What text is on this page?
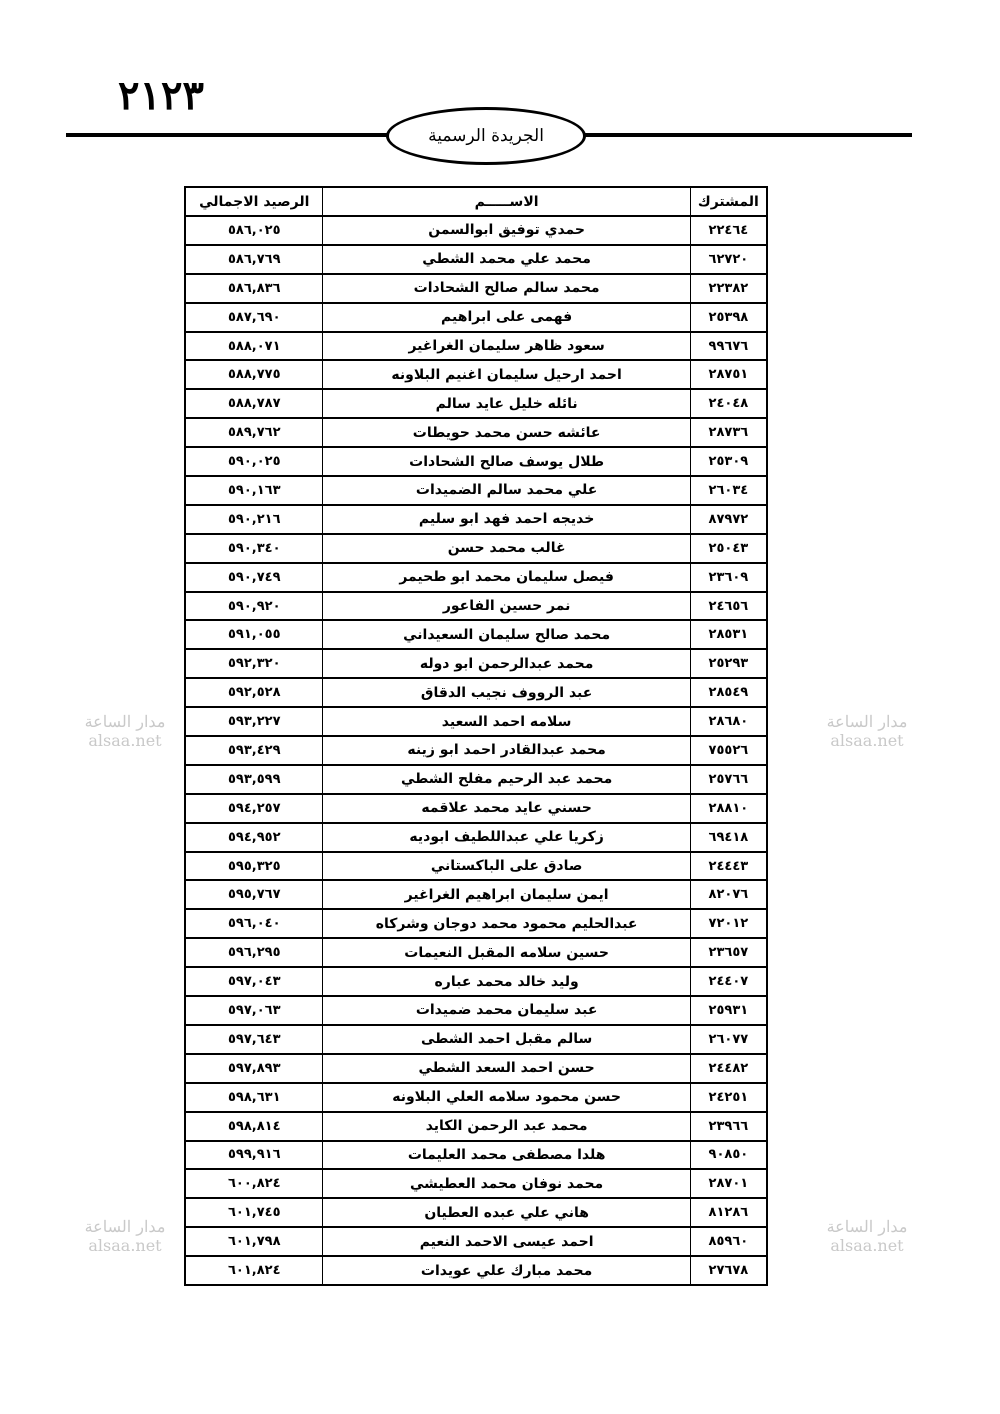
٢١٢٣
الجريدة الرسمية
المشترك	الاســـــم	الرصيد الاجمالي
٢٢٤٦٤	حمدي توفيق ابوالسمن	٥٨٦,٠٢٥
٦٢٧٢٠	محمد علي محمد الشطي	٥٨٦,٧٦٩
٢٢٣٨٢	محمد سالم صالح الشحادات	٥٨٦,٨٣٦
٢٥٣٩٨	فهمى على ابراهيم	٥٨٧,٦٩٠
٩٩٦٧٦	سعود ظاهر سليمان الغراغير	٥٨٨,٠٧١
٢٨٧٥١	احمد ارحيل سليمان اغنيم البلاونه	٥٨٨,٧٧٥
٢٤٠٤٨	نائله خليل عايد سالم	٥٨٨,٧٨٧
٢٨٧٣٦	عائشه حسن محمد حويطات	٥٨٩,٧٦٢
٢٥٣٠٩	طلال يوسف صالح الشحادات	٥٩٠,٠٢٥
٢٦٠٣٤	علي محمد سالم الضميدات	٥٩٠,١٦٣
٨٧٩٧٢	خديجه احمد فهد ابو سليم	٥٩٠,٢١٦
٢٥٠٤٣	غالب محمد حسن	٥٩٠,٣٤٠
٢٣٦٠٩	فيصل سليمان محمد ابو طحيمر	٥٩٠,٧٤٩
٢٤٦٥٦	نمر حسين الفاعور	٥٩٠,٩٢٠
٢٨٥٣١	محمد صالح سليمان السعيداني	٥٩١,٠٥٥
٢٥٢٩٣	محمد عبدالرحمن ابو دوله	٥٩٢,٣٢٠
٢٨٥٤٩	عبد الرووف نجيب الدقاق	٥٩٢,٥٢٨
٢٨٦٨٠	سلامه احمد السعيد	٥٩٣,٢٢٧
٧٥٥٢٦	محمد عبدالقادر احمد ابو زينه	٥٩٣,٤٢٩
٢٥٧٦٦	محمد عبد الرحيم مفلح الشطي	٥٩٣,٥٩٩
٢٨٨١٠	حسني عايد محمد علاقمه	٥٩٤,٢٥٧
٦٩٤١٨	زكريا علي عبداللطيف ابوديه	٥٩٤,٩٥٢
٢٤٤٤٣	صادق على الباكستاني	٥٩٥,٣٢٥
٨٢٠٧٦	ايمن سليمان ابراهيم الغراغير	٥٩٥,٧٦٧
٧٢٠١٢	عبدالحليم محمود محمد دوجان وشركاه	٥٩٦,٠٤٠
٢٣٦٥٧	حسين سلامه المقبل النعيمات	٥٩٦,٢٩٥
٢٤٤٠٧	وليد خالد محمد عباره	٥٩٧,٠٤٣
٢٥٩٣١	عبد سليمان محمد ضميدات	٥٩٧,٠٦٣
٢٦٠٧٧	سالم مقبل احمد الشطى	٥٩٧,٦٤٣
٢٤٤٨٢	حسن احمد السعد الشطي	٥٩٧,٨٩٣
٢٤٢٥١	حسن محمود سلامه العلي البلاونه	٥٩٨,٦٣١
٢٣٩٦٦	محمد عبد الرحمن الكايد	٥٩٨,٨١٤
٩٠٨٥٠	هلدا مصطفى محمد العليمات	٥٩٩,٩١٦
٢٨٧٠١	محمد نوفان محمد العطيشي	٦٠٠,٨٢٤
٨١٢٨٦	هاني علي عبده العطيان	٦٠١,٧٤٥
٨٥٩٦٠	احمد عيسى الاحمد النعيم	٦٠١,٧٩٨
٢٧٦٧٨	محمد مبارك علي عويدات	٦٠١,٨٢٤
مدار الساعة
alsaa.net
مدار الساعة
alsaa.net
مدار الساعة
alsaa.net
مدار الساعة
alsaa.net
